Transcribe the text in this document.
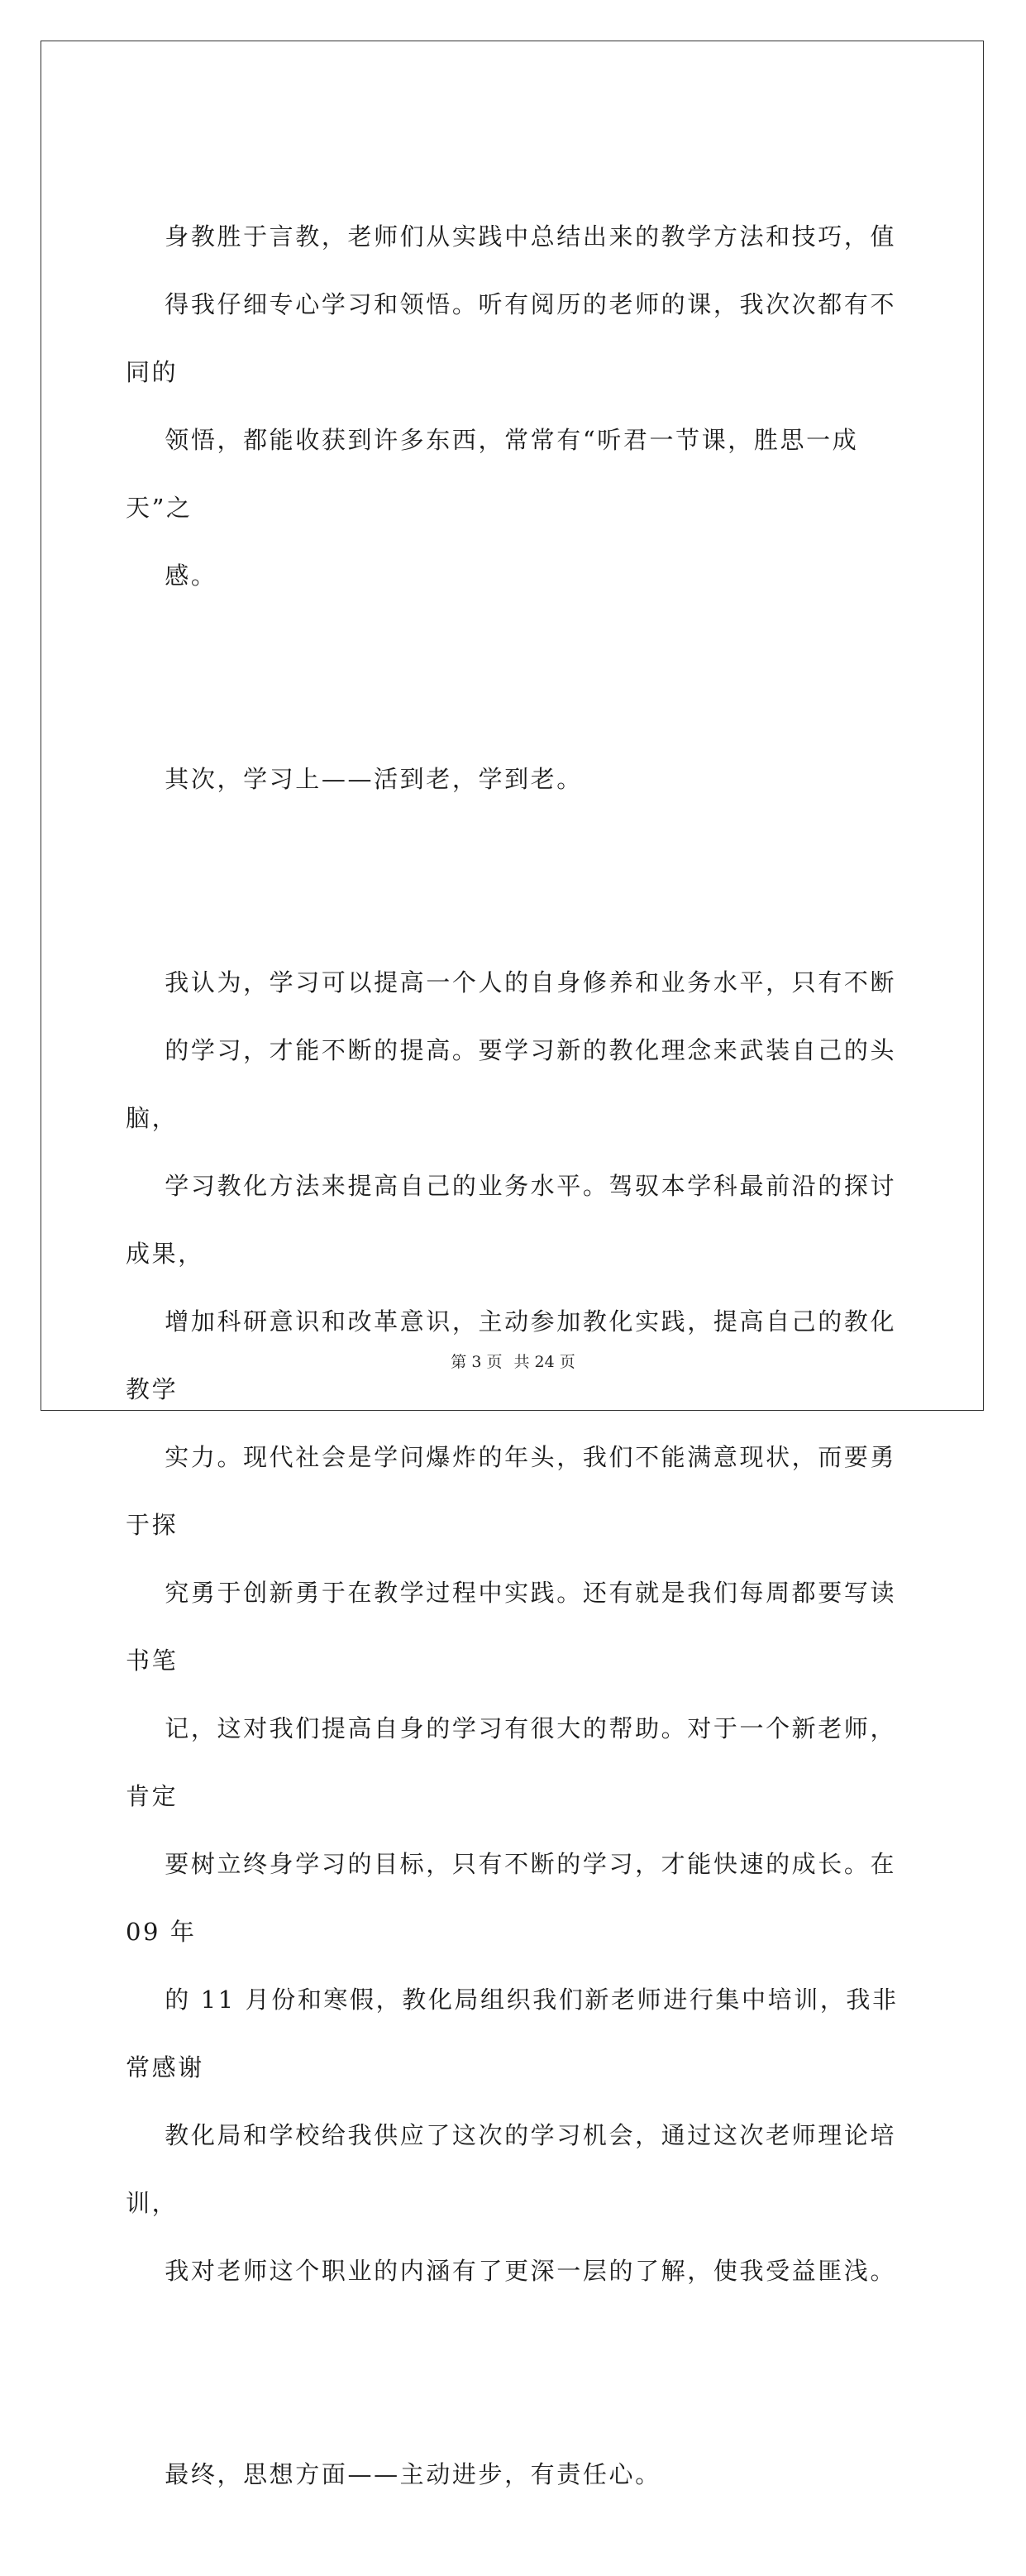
身教胜于言教，老师们从实践中总结出来的教学方法和技巧，值
得我仔细专心学习和领悟。听有阅历的老师的课，我次次都有不同的
领悟，都能收获到许多东西，常常有“听君一节课，胜思一成天”之
感。

其次，学习上——活到老，学到老。

我认为，学习可以提高一个人的自身修养和业务水平，只有不断
的学习，才能不断的提高。要学习新的教化理念来武装自己的头脑，
学习教化方法来提高自己的业务水平。驾驭本学科最前沿的探讨成果，
增加科研意识和改革意识，主动参加教化实践，提高自己的教化教学
实力。现代社会是学问爆炸的年头，我们不能满意现状，而要勇于探
究勇于创新勇于在教学过程中实践。还有就是我们每周都要写读书笔
记，这对我们提高自身的学习有很大的帮助。对于一个新老师，肯定
要树立终身学习的目标，只有不断的学习，才能快速的成长。在 09 年
的 11 月份和寒假，教化局组织我们新老师进行集中培训，我非常感谢
教化局和学校给我供应了这次的学习机会，通过这次老师理论培训，
我对老师这个职业的内涵有了更深一层的了解，使我受益匪浅。

最终，思想方面——主动进步，有责任心。

第 3 页 共 24 页
